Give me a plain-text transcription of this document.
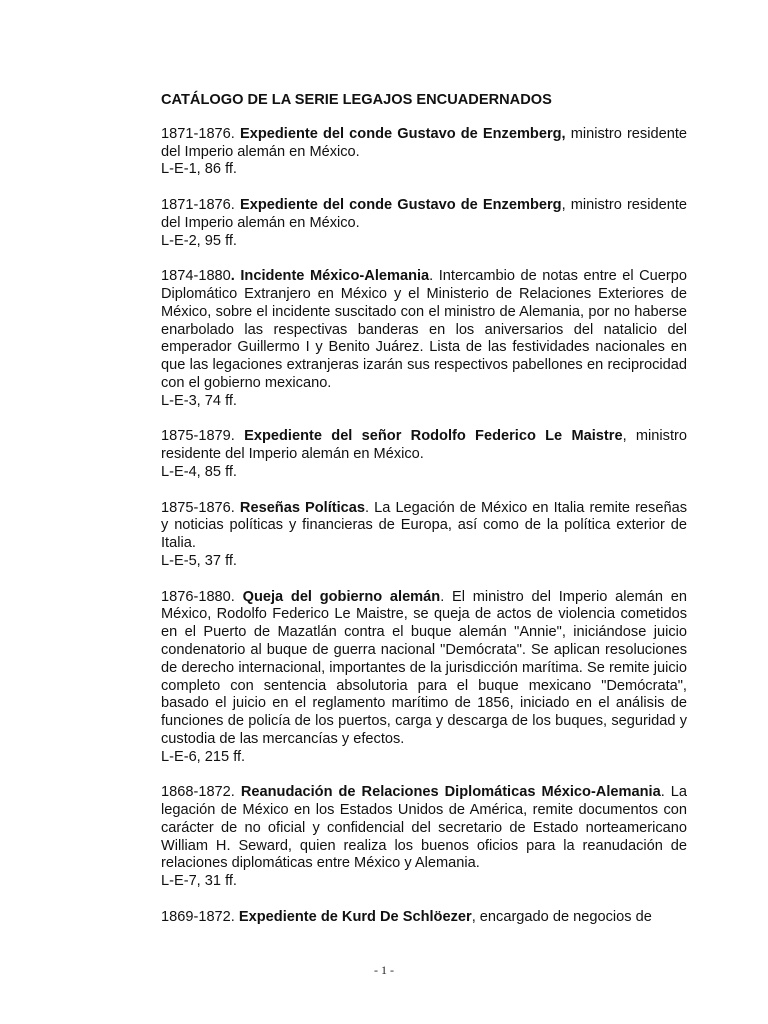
CATÁLOGO DE LA SERIE LEGAJOS ENCUADERNADOS

1871-1876. Expediente del conde Gustavo de Enzemberg, ministro residente del Imperio alemán en México.

L-E-1, 86 ff.

1871-1876. Expediente del conde Gustavo de Enzemberg, ministro residente del Imperio alemán en México.

L-E-2, 95 ff.

1874-1880. Incidente México-Alemania. Intercambio de notas entre el Cuerpo Diplomático Extranjero en México y el Ministerio de Relaciones Exteriores de México, sobre el incidente suscitado con el ministro de Alemania, por no haberse enarbolado las respectivas banderas en los aniversarios del natalicio del emperador Guillermo I y Benito Juárez. Lista de las festividades nacionales en que las legaciones extranjeras izarán sus respectivos pabellones en reciprocidad con el gobierno mexicano.

L-E-3, 74 ff.

1875-1879. Expediente del señor Rodolfo Federico Le Maistre, ministro residente del Imperio alemán en México.

L-E-4, 85 ff.

1875-1876. Reseñas Políticas. La Legación de México en Italia remite reseñas y noticias políticas y financieras de Europa, así como de la política exterior de Italia.

L-E-5, 37 ff.

1876-1880. Queja del gobierno alemán. El ministro del Imperio alemán en México, Rodolfo Federico Le Maistre, se queja de actos de violencia cometidos en el Puerto de Mazatlán contra el buque alemán "Annie", iniciándose juicio condenatorio al buque de guerra nacional "Demócrata". Se aplican resoluciones de derecho internacional, importantes de la jurisdicción marítima. Se remite juicio completo con sentencia absolutoria para el buque mexicano "Demócrata", basado el juicio en el reglamento marítimo de 1856, iniciado en el análisis de funciones de policía de los puertos, carga y descarga de los buques, seguridad y custodia de las mercancías y efectos.

L-E-6, 215 ff.

1868-1872. Reanudación de Relaciones Diplomáticas México-Alemania. La legación de México en los Estados Unidos de América, remite documentos con carácter de no oficial y confidencial del secretario de Estado norteamericano William H. Seward, quien realiza los buenos oficios para la reanudación de relaciones diplomáticas entre México y Alemania.

L-E-7, 31 ff.

1869-1872. Expediente de Kurd De Schlöezer, encargado de negocios de

- 1 -
